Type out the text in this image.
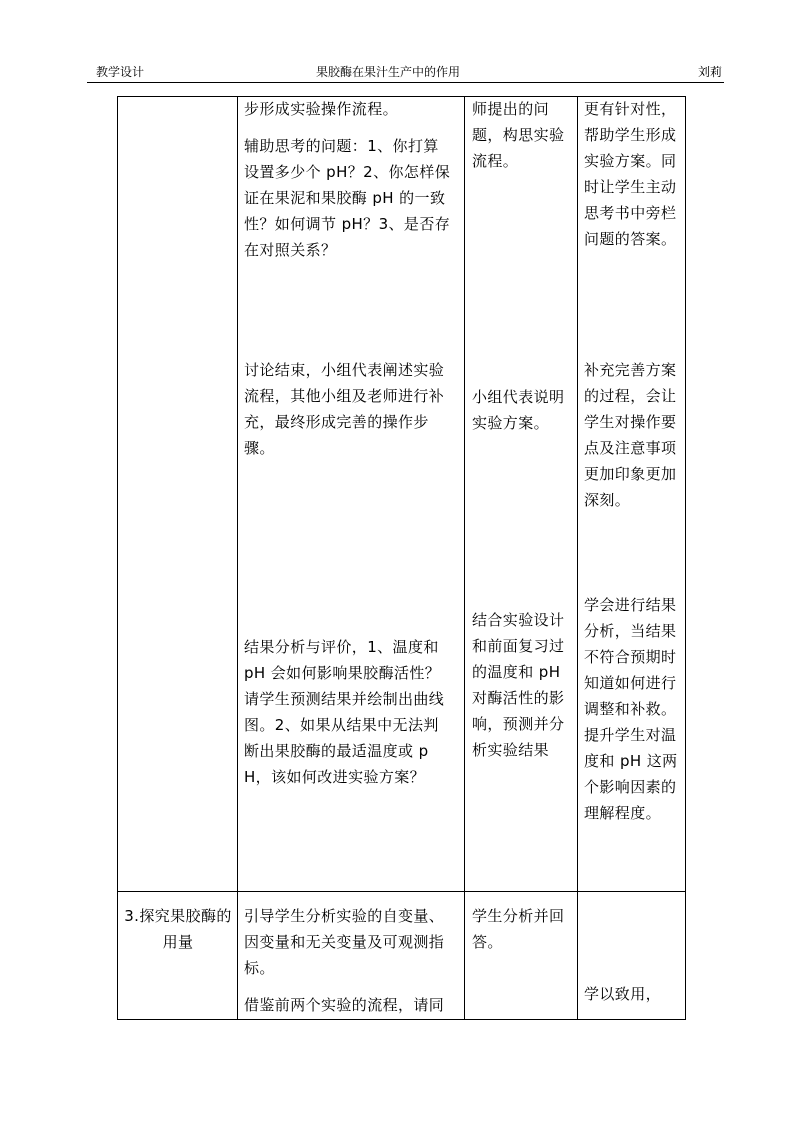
教学设计	果胶酶在果汁生产中的作用	刘莉

步形成实验操作流程。

辅助思考的问题：1、你打算设置多少个 pH？2、你怎样保证在果泥和果胶酶 pH 的一致性？如何调节 pH？3、是否存在对照关系？

师提出的问题，构思实验流程。
更有针对性，帮助学生形成实验方案。同时让学生主动思考书中旁栏问题的答案。
讨论结束，小组代表阐述实验流程，其他小组及老师进行补充，最终形成完善的操作步骤。
小组代表说明实验方案。
补充完善方案的过程，会让学生对操作要点及注意事项更加印象更加深刻。
结果分析与评价，1、温度和 pH 会如何影响果胶酶活性？请学生预测结果并绘制出曲线图。2、如果从结果中无法判断出果胶酶的最适温度或 pH，该如何改进实验方案？
结合实验设计和前面复习过的温度和 pH 对酶活性的影响，预测并分析实验结果
学会进行结果分析，当结果不符合预期时知道如何进行调整和补救。提升学生对温度和 pH 这两个影响因素的理解程度。
3.探究果胶酶的用量

引导学生分析实验的自变量、因变量和无关变量及可观测指标。

借鉴前两个实验的流程，请同

学生分析并回答。
学以致用，
